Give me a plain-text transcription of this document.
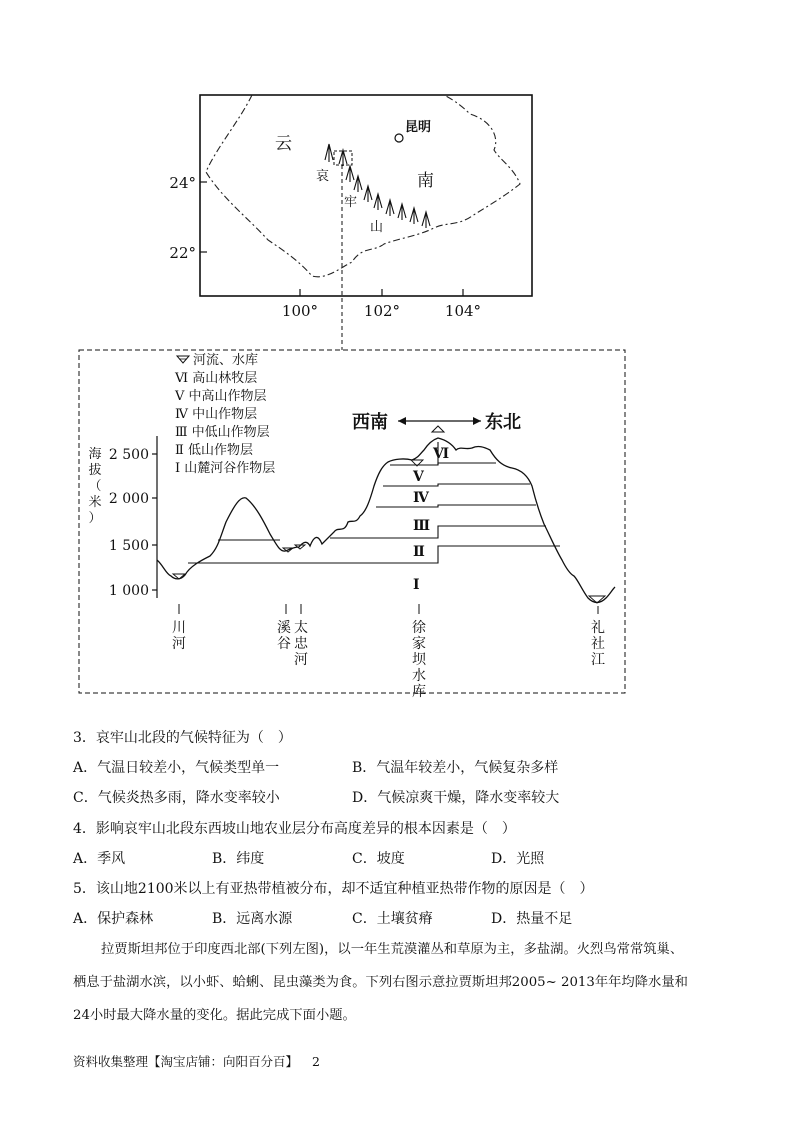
云
南
昆明
哀
牢
山
24°
22°
100°	102°	104°
河流、水库
Ⅵ 高山林牧层
Ⅴ 中高山作物层
Ⅳ 中山作物层
Ⅲ 中低山作物层
Ⅱ 低山作物层
Ⅰ 山麓河谷作物层
西南	东北
2 500
2 000
1 500
1 000
海
拔
（
米
）
Ⅵ
Ⅴ
Ⅳ
Ⅲ
Ⅱ
Ⅰ
川
河
溪
谷
太
忠
河
徐
家
坝
水
库
礼
社
江
3．哀牢山北段的气候特征为（　）
A．气温日较差小，气候类型单一	B．气温年较差小，气候复杂多样
C．气候炎热多雨，降水变率较小	D．气候凉爽干燥，降水变率较大
4．影响哀牢山北段东西坡山地农业层分布高度差异的根本因素是（　）
A．季风	B．纬度	C．坡度	D．光照
5．该山地2100米以上有亚热带植被分布，却不适宜种植亚热带作物的原因是（　）
A．保护森林	B．远离水源	C．土壤贫瘠	D．热量不足
拉贾斯坦邦位于印度西北部(下列左图)，以一年生荒漠灌丛和草原为主，多盐湖。火烈鸟常常筑巢、
栖息于盐湖水滨，以小虾、蛤蜊、昆虫藻类为食。下列右图示意拉贾斯坦邦2005~ 2013年年均降水量和
24小时最大降水量的变化。据此完成下面小题。
资料收集整理【淘宝店铺：向阳百分百】 2
